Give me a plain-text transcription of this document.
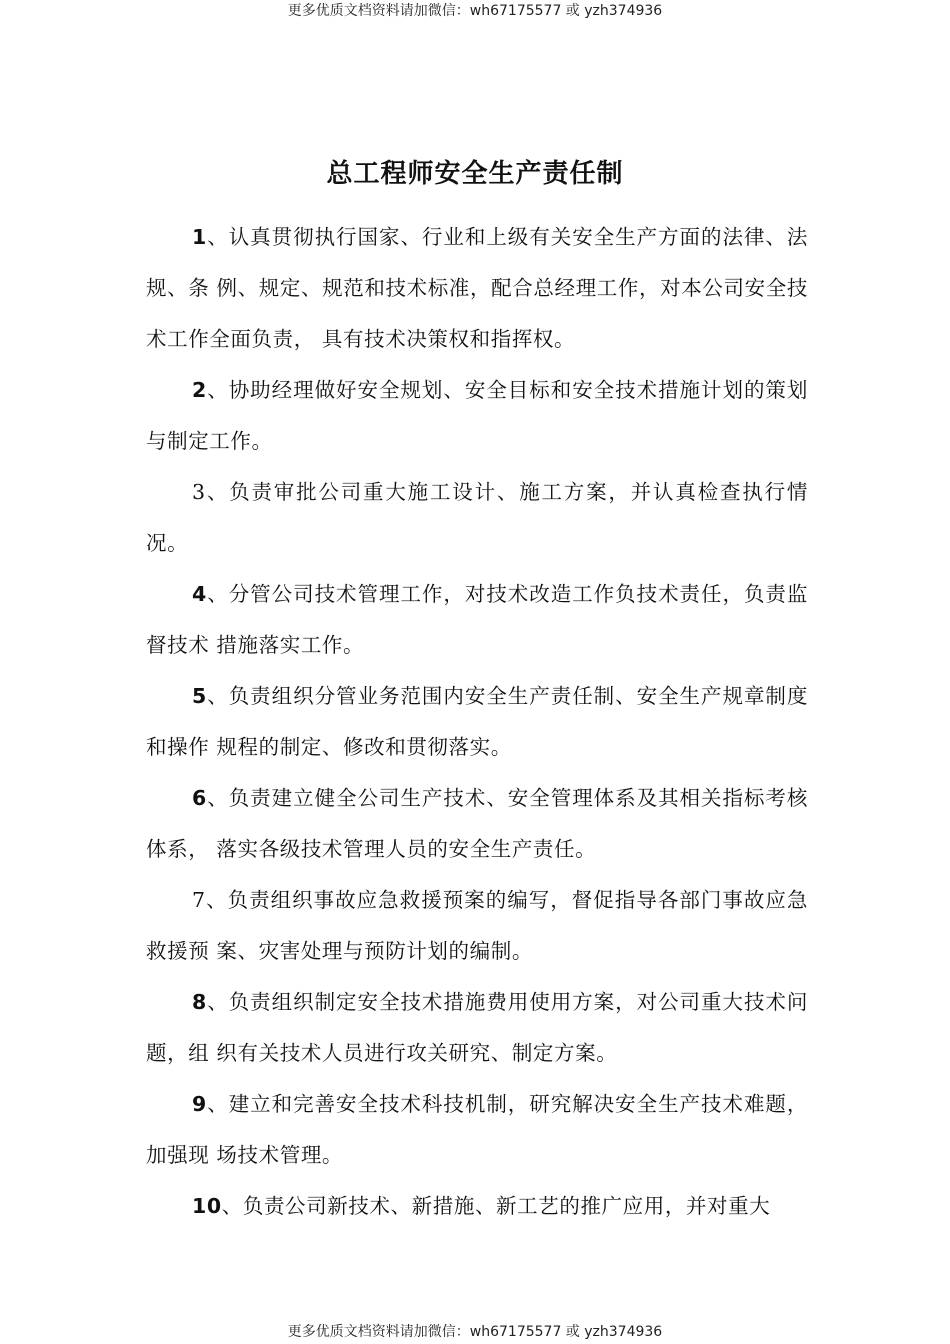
更多优质文档资料请加微信：wh67175577 或 yzh374936
总工程师安全生产责任制

1、认真贯彻执行国家、行业和上级有关安全生产方面的法律、法规、条 例、规定、规范和技术标准，配合总经理工作，对本公司安全技术工作全面负责， 具有技术决策权和指挥权。

2、协助经理做好安全规划、安全目标和安全技术措施计划的策划与制定工作。

3、负责审批公司重大施工设计、施工方案，并认真检查执行情况。

4、分管公司技术管理工作，对技术改造工作负技术责任，负责监督技术 措施落实工作。

5、负责组织分管业务范围内安全生产责任制、安全生产规章制度和操作 规程的制定、修改和贯彻落实。

6、负责建立健全公司生产技术、安全管理体系及其相关指标考核体系， 落实各级技术管理人员的安全生产责任。

7、负责组织事故应急救援预案的编写，督促指导各部门事故应急救援预 案、灾害处理与预防计划的编制。

8、负责组织制定安全技术措施费用使用方案，对公司重大技术问题，组 织有关技术人员进行攻关研究、制定方案。

9、建立和完善安全技术科技机制，研究解决安全生产技术难题，加强现 场技术管理。

10、负责公司新技术、新措施、新工艺的推广应用，并对重大

更多优质文档资料请加微信：wh67175577 或 yzh374936
